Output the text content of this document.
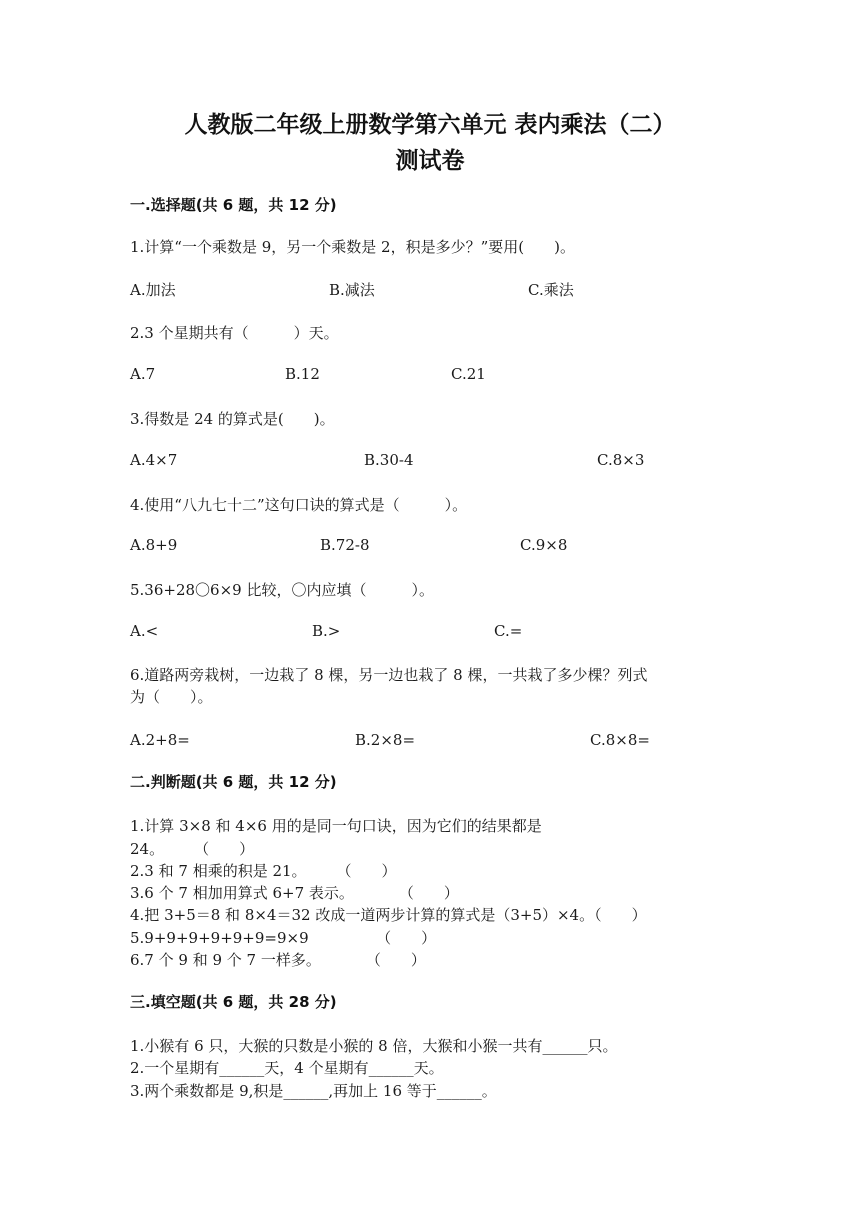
人教版二年级上册数学第六单元 表内乘法（二）
测试卷
一.选择题(共 6 题，共 12 分)
1.计算“一个乘数是 9，另一个乘数是 2，积是多少？”要用(　　)。
A.加法	B.减法	C.乘法
2.3 个星期共有（　　　）天。
A.7	B.12	C.21
3.得数是 24 的算式是(　　)。
A.4×7	B.30-4	C.8×3
4.使用“八九七十二”这句口诀的算式是（　　　）。
A.8+9	B.72-8	C.9×8
5.36+28〇6×9 比较，〇内应填（　　　）。
A.<	B.>	C.=
6.道路两旁栽树，一边栽了 8 棵，另一边也栽了 8 棵，一共栽了多少棵？列式
为（　　）。
A.2+8=	B.2×8=	C.8×8=
二.判断题(共 6 题，共 12 分)
1.计算 3×8 和 4×6 用的是同一句口诀，因为它们的结果都是
24。　　　（　　）
2.3 和 7 相乘的积是 21。　　　（　　）
3.6 个 7 相加用算式 6+7 表示。　　　　（　　）
4.把 3+5＝8 和 8×4＝32 改成一道两步计算的算式是（3+5）×4。（　　）
5.9+9+9+9+9+9=9×9　　　　　（　　）
6.7 个 9 和 9 个 7 一样多。　　　　（　　）
三.填空题(共 6 题，共 28 分)
1.小猴有 6 只，大猴的只数是小猴的 8 倍，大猴和小猴一共有______只。
2.一个星期有______天，4 个星期有______天。
3.两个乘数都是 9,积是______,再加上 16 等于______。
